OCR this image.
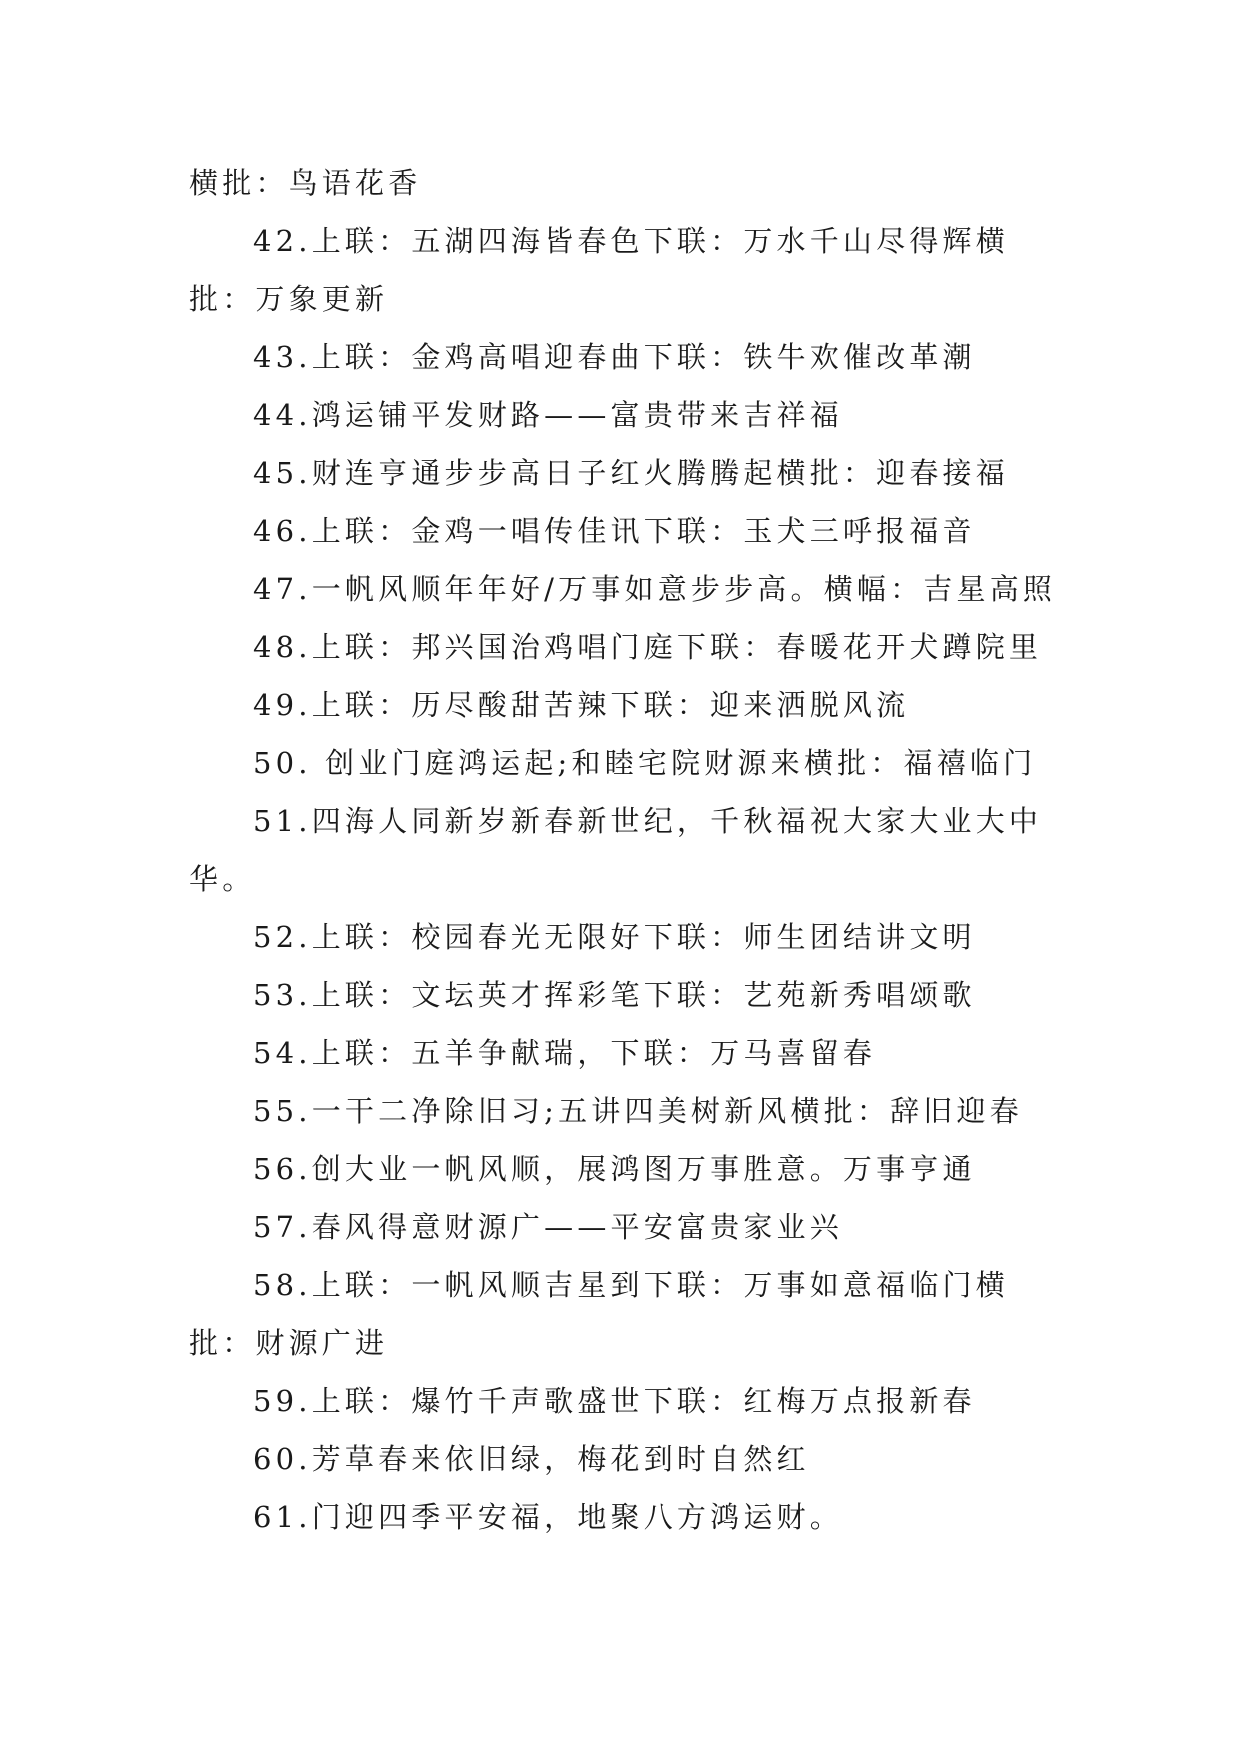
横批：鸟语花香

42.上联：五湖四海皆春色下联：万水千山尽得辉横批：万象更新

43.上联：金鸡高唱迎春曲下联：铁牛欢催改革潮

44.鸿运铺平发财路——富贵带来吉祥福

45.财连亨通步步高日子红火腾腾起横批：迎春接福

46.上联：金鸡一唱传佳讯下联：玉犬三呼报福音

47.一帆风顺年年好/万事如意步步高。横幅：吉星高照

48.上联：邦兴国治鸡唱门庭下联：春暖花开犬蹲院里

49.上联：历尽酸甜苦辣下联：迎来洒脱风流

50. 创业门庭鸿运起;和睦宅院财源来横批：福禧临门

51.四海人同新岁新春新世纪，千秋福祝大家大业大中华。

52.上联：校园春光无限好下联：师生团结讲文明

53.上联：文坛英才挥彩笔下联：艺苑新秀唱颂歌

54.上联：五羊争献瑞，下联：万马喜留春

55.一干二净除旧习;五讲四美树新风横批：辞旧迎春

56.创大业一帆风顺，展鸿图万事胜意。万事亨通

57.春风得意财源广——平安富贵家业兴

58.上联：一帆风顺吉星到下联：万事如意福临门横批：财源广进

59.上联：爆竹千声歌盛世下联：红梅万点报新春

60.芳草春来依旧绿，梅花到时自然红

61.门迎四季平安福，地聚八方鸿运财。
